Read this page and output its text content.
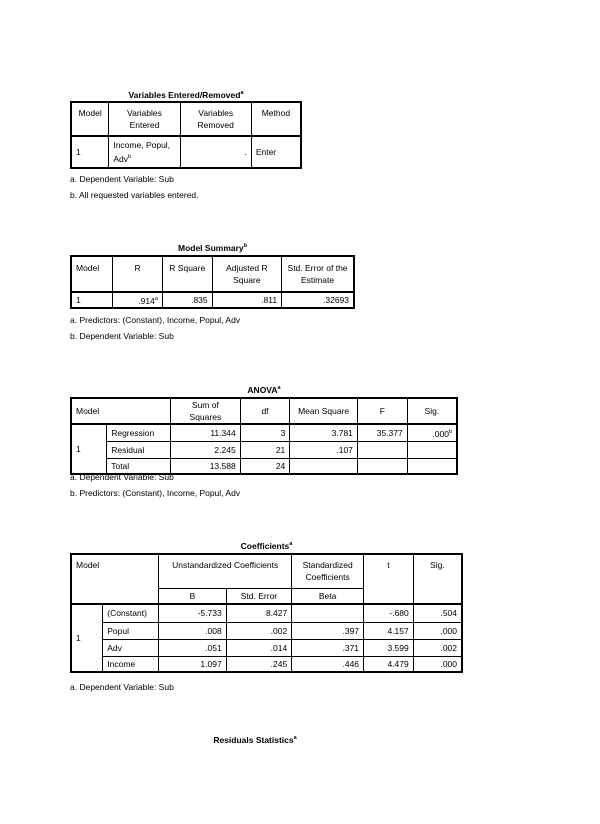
Variables Entered/Removed$^a$
Model	Variables Entered	Variables Removed	Method
1	Income, Popul, Adv$^b$	.	Enter
a. Dependent Variable: Sub
b. All requested variables entered.
Model Summary$^b$
Model	R	R Square	Adjusted R Square	Std. Error of the Estimate
1	.914$^a$	.835	.811	.32693
a. Predictors: (Constant), Income, Popul, Adv
b. Dependent Variable: Sub
ANOVA$^a$
Model		Sum of Squares	df	Mean Square	F	Sig.
1	Regression	11.344	3	3.781	35.377	.000$^b$
	Residual	2.245	21	.107		
	Total	13.588	24			
a. Dependent Variable: Sub
b. Predictors: (Constant), Income, Popul, Adv
Coefficients$^a$
Model		Unstandardized Coefficients		Standardized Coefficients	t	Sig.
		B	Std. Error	Beta		
1	(Constant)	-5.733	8.427		-.680	.504
	Popul	.008	.002	.397	4.157	.000
	Adv	.051	.014	.371	3.599	.002
	Income	1.097	.245	.446	4.479	.000
a. Dependent Variable: Sub
Residuals Statistics$^a$
